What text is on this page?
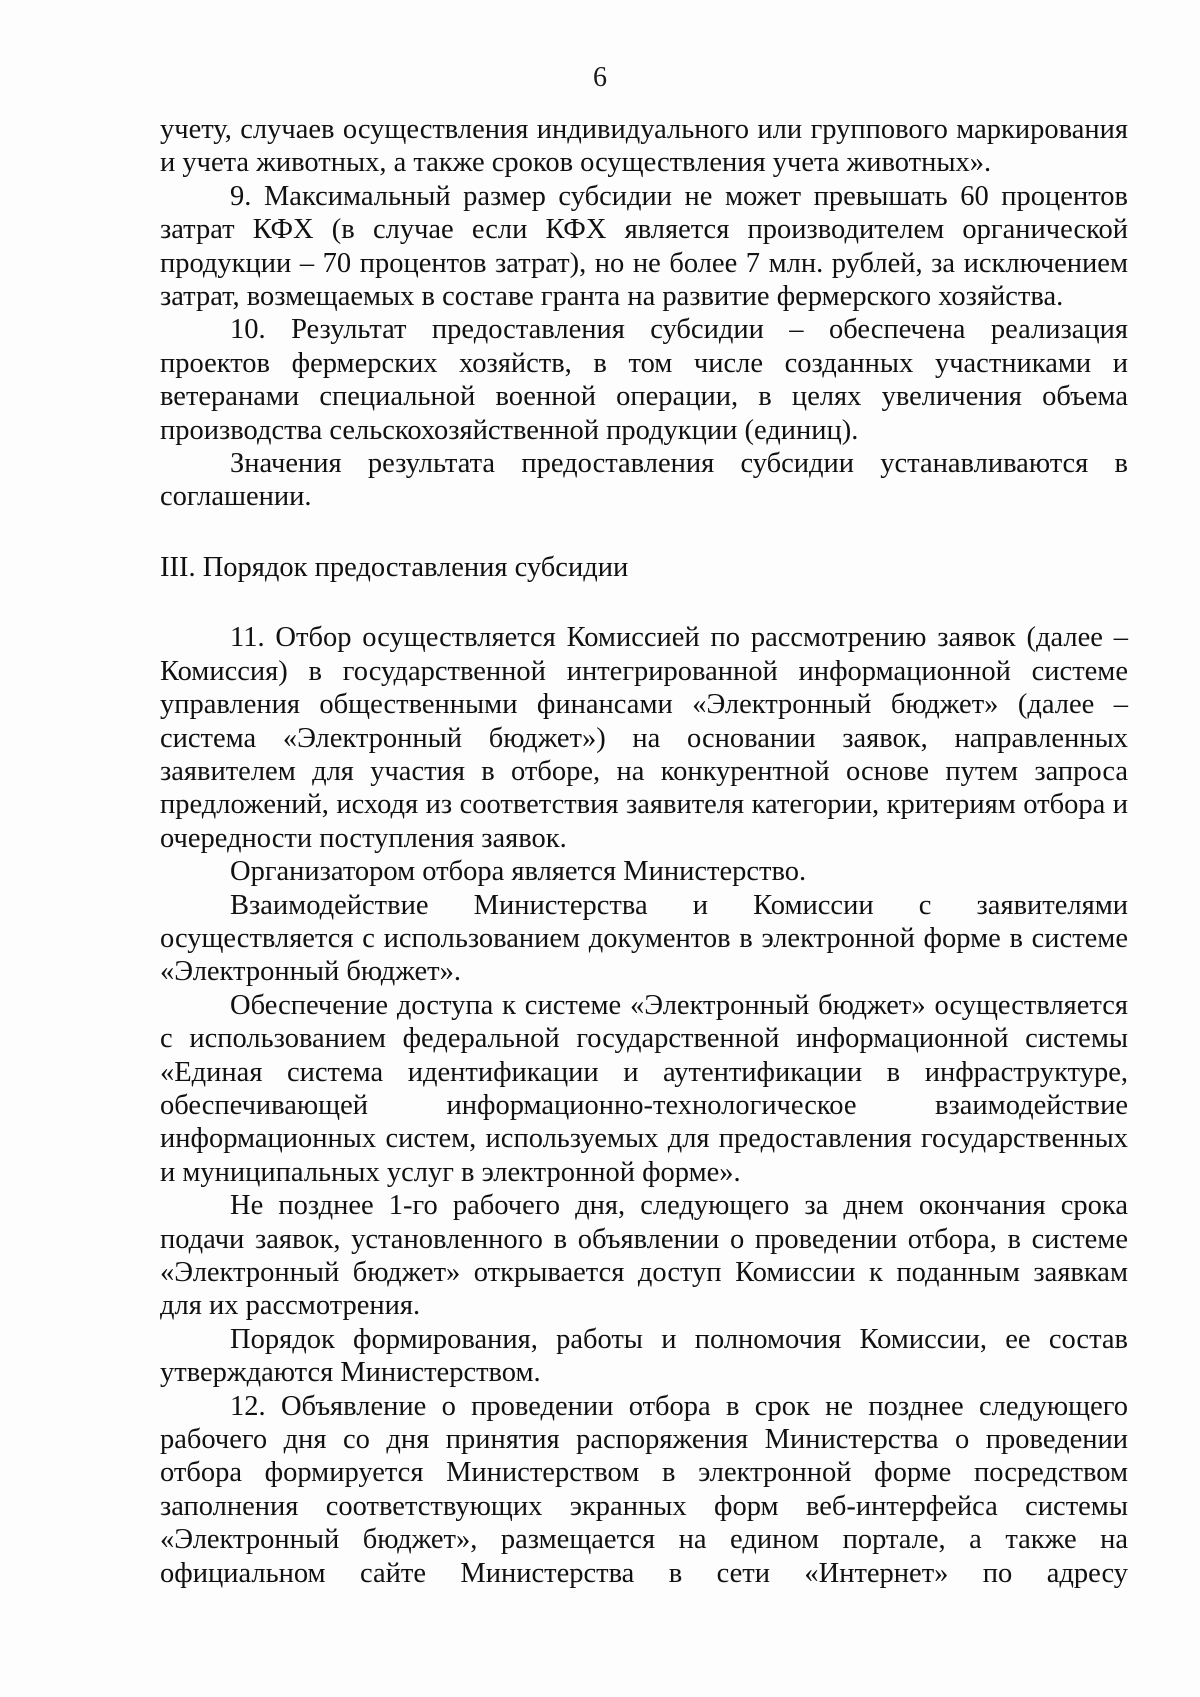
6

учету, случаев осуществления индивидуального или группового маркирования и учета животных, а также сроков осуществления учета животных».

9. Максимальный размер субсидии не может превышать 60 процентов затрат КФХ (в случае если КФХ является производителем органической продукции – 70 процентов затрат), но не более 7 млн. рублей, за исключением затрат, возмещаемых в составе гранта на развитие фермерского хозяйства.

10. Результат предоставления субсидии – обеспечена реализация проектов фермерских хозяйств, в том числе созданных участниками и ветеранами специальной военной операции, в целях увеличения объема производства сельскохозяйственной продукции (единиц).

Значения результата предоставления субсидии устанавливаются в соглашении.

III. Порядок предоставления субсидии

11. Отбор осуществляется Комиссией по рассмотрению заявок (далее – Комиссия) в государственной интегрированной информационной системе управления общественными финансами «Электронный бюджет» (далее – система «Электронный бюджет») на основании заявок, направленных заявителем для участия в отборе, на конкурентной основе путем запроса предложений, исходя из соответствия заявителя категории, критериям отбора и очередности поступления заявок.

Организатором отбора является Министерство.

Взаимодействие Министерства и Комиссии с заявителями осуществляется с использованием документов в электронной форме в системе «Электронный бюджет».

Обеспечение доступа к системе «Электронный бюджет» осуществляется с использованием федеральной государственной информационной системы «Единая система идентификации и аутентификации в инфраструктуре, обеспечивающей информационно-технологическое взаимодействие информационных систем, используемых для предоставления государственных и муниципальных услуг в электронной форме».

Не позднее 1-го рабочего дня, следующего за днем окончания срока подачи заявок, установленного в объявлении о проведении отбора, в системе «Электронный бюджет» открывается доступ Комиссии к поданным заявкам для их рассмотрения.

Порядок формирования, работы и полномочия Комиссии, ее состав утверждаются Министерством.

12. Объявление о проведении отбора в срок не позднее следующего рабочего дня со дня принятия распоряжения Министерства о проведении отбора формируется Министерством в электронной форме посредством заполнения соответствующих экранных форм веб-интерфейса системы «Электронный бюджет», размещается на едином портале, а также на официальном сайте Министерства в сети «Интернет» по адресу
